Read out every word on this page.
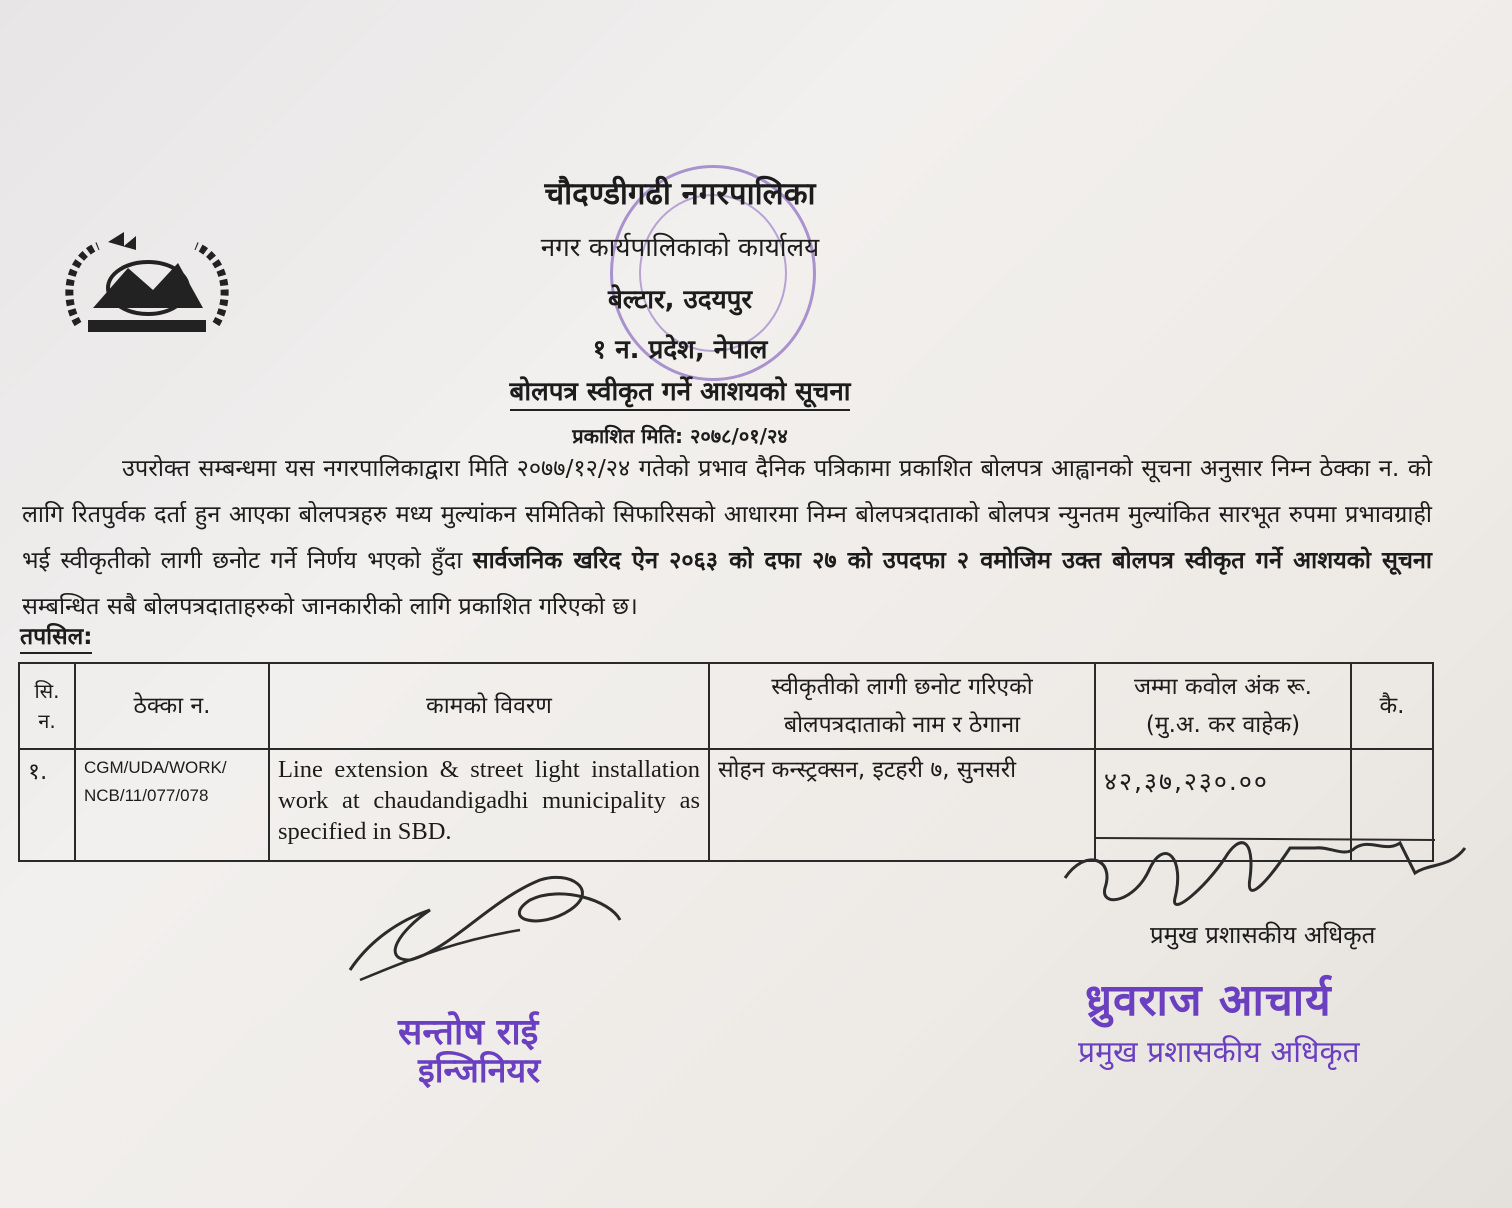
चौदण्डीगढी नगरपालिका
नगर कार्यपालिकाको कार्यालय
बेल्टार, उदयपुर
१ न. प्रदेश, नेपाल
बोलपत्र स्वीकृत गर्ने आशयको सूचना
प्रकाशित मिति: २०७८/०१/२४
उपरोक्त सम्बन्धमा यस नगरपालिकाद्वारा मिति २०७७/१२/२४ गतेको प्रभाव दैनिक पत्रिकामा प्रकाशित बोलपत्र आह्वानको सूचना अनुसार निम्न ठेक्का न. को लागि रितपुर्वक दर्ता हुन आएका बोलपत्रहरु मध्य मुल्यांकन समितिको सिफारिसको आधारमा निम्न बोलपत्रदाताको बोलपत्र न्युनतम मुल्यांकित सारभूत रुपमा प्रभावग्राही भई स्वीकृतीको लागी छनोट गर्ने निर्णय भएको हुँदा सार्वजनिक खरिद ऐन २०६३ को दफा २७ को उपदफा २ वमोजिम उक्त बोलपत्र स्वीकृत गर्ने आशयको सूचना सम्बन्धित सबै बोलपत्रदाताहरुको जानकारीको लागि प्रकाशित गरिएको छ।
तपसिल:
सि. न.	ठेक्का न.	कामको विवरण	स्वीकृतीको लागी छनोट गरिएको बोलपत्रदाताको नाम र ठेगाना	जम्मा कवोल अंक रू. (मु.अ. कर वाहेक)	कै.
१.	CGM/UDA/WORK/ NCB/11/077/078	Line extension & street light installation work at chaudandigadhi municipality as specified in SBD.	सोहन कन्स्ट्रक्सन, इटहरी ७, सुनसरी	४२,३७,२३०.००	
प्रमुख प्रशासकीय अधिकृत
ध्रुवराज आचार्य
प्रमुख प्रशासकीय अधिकृत
सन्तोष राई
इन्जिनियर
